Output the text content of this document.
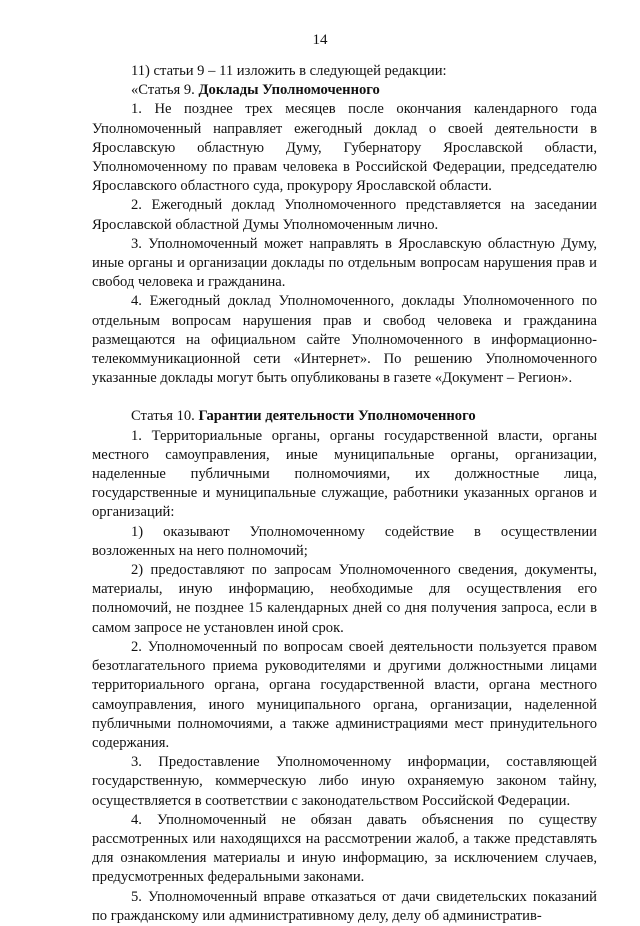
14

11) статьи 9 – 11 изложить в следующей редакции:

«Статья 9. Доклады Уполномоченного

1. Не позднее трех месяцев после окончания календарного года Уполномоченный направляет ежегодный доклад о своей деятельности в Ярославскую областную Думу, Губернатору Ярославской области, Уполномоченному по правам человека в Российской Федерации, председателю Ярославского областного суда, прокурору Ярославской области.

2. Ежегодный доклад Уполномоченного представляется на заседании Ярославской областной Думы Уполномоченным лично.

3. Уполномоченный может направлять в Ярославскую областную Думу, иные органы и организации доклады по отдельным вопросам нарушения прав и свобод человека и гражданина.

4. Ежегодный доклад Уполномоченного, доклады Уполномоченного по отдельным вопросам нарушения прав и свобод человека и гражданина размещаются на официальном сайте Уполномоченного в информационно-телекоммуникационной сети «Интернет». По решению Уполномоченного указанные доклады могут быть опубликованы в газете «Документ – Регион».

Статья 10. Гарантии деятельности Уполномоченного

1. Территориальные органы, органы государственной власти, органы местного самоуправления, иные муниципальные органы, организации, наделенные публичными полномочиями, их должностные лица, государственные и муниципальные служащие, работники указанных органов и организаций:

1) оказывают Уполномоченному содействие в осуществлении возложенных на него полномочий;

2) предоставляют по запросам Уполномоченного сведения, документы, материалы, иную информацию, необходимые для осуществления его полномочий, не позднее 15 календарных дней со дня получения запроса, если в самом запросе не установлен иной срок.

2. Уполномоченный по вопросам своей деятельности пользуется правом безотлагательного приема руководителями и другими должностными лицами территориального органа, органа государственной власти, органа местного самоуправления, иного муниципального органа, организации, наделенной публичными полномочиями, а также администрациями мест принудительного содержания.

3. Предоставление Уполномоченному информации, составляющей государственную, коммерческую либо иную охраняемую законом тайну, осуществляется в соответствии с законодательством Российской Федерации.

4. Уполномоченный не обязан давать объяснения по существу рассмотренных или находящихся на рассмотрении жалоб, а также представлять для ознакомления материалы и иную информацию, за исключением случаев, предусмотренных федеральными законами.

5. Уполномоченный вправе отказаться от дачи свидетельских показаний по гражданскому или административному делу, делу об административ-
